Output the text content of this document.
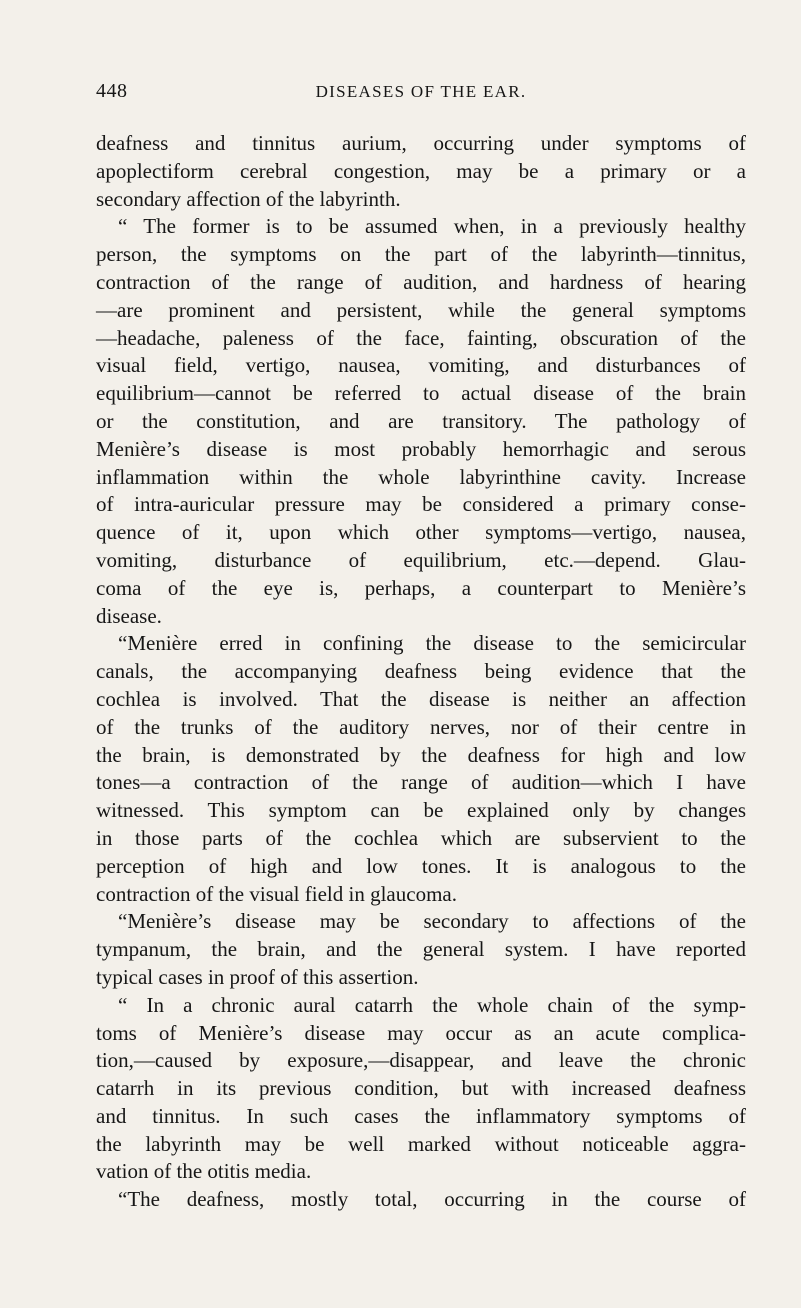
448	DISEASES OF THE EAR.
deafness and tinnitus aurium, occurring under symptoms of
apoplectiform cerebral congestion, may be a primary or a
secondary affection of the labyrinth.
“ The former is to be assumed when, in a previously healthy
person, the symptoms on the part of the labyrinth—tinnitus,
contraction of the range of audition, and hardness of hearing
—are prominent and persistent, while the general symptoms
—headache, paleness of the face, fainting, obscuration of the
visual field, vertigo, nausea, vomiting, and disturbances of
equilibrium—cannot be referred to actual disease of the brain
or the constitution, and are transitory. The pathology of
Menière’s disease is most probably hemorrhagic and serous
inflammation within the whole labyrinthine cavity. Increase
of intra-auricular pressure may be considered a primary conse-
quence of it, upon which other symptoms—vertigo, nausea,
vomiting, disturbance of equilibrium, etc.—depend. Glau-
coma of the eye is, perhaps, a counterpart to Menière’s
disease.
“Menière erred in confining the disease to the semicircular
canals, the accompanying deafness being evidence that the
cochlea is involved. That the disease is neither an affection
of the trunks of the auditory nerves, nor of their centre in
the brain, is demonstrated by the deafness for high and low
tones—a contraction of the range of audition—which I have
witnessed. This symptom can be explained only by changes
in those parts of the cochlea which are subservient to the
perception of high and low tones. It is analogous to the
contraction of the visual field in glaucoma.
“Menière’s disease may be secondary to affections of the
tympanum, the brain, and the general system. I have reported
typical cases in proof of this assertion.
“ In a chronic aural catarrh the whole chain of the symp-
toms of Menière’s disease may occur as an acute complica-
tion,—caused by exposure,—disappear, and leave the chronic
catarrh in its previous condition, but with increased deafness
and tinnitus. In such cases the inflammatory symptoms of
the labyrinth may be well marked without noticeable aggra-
vation of the otitis media.
“The deafness, mostly total, occurring in the course of
